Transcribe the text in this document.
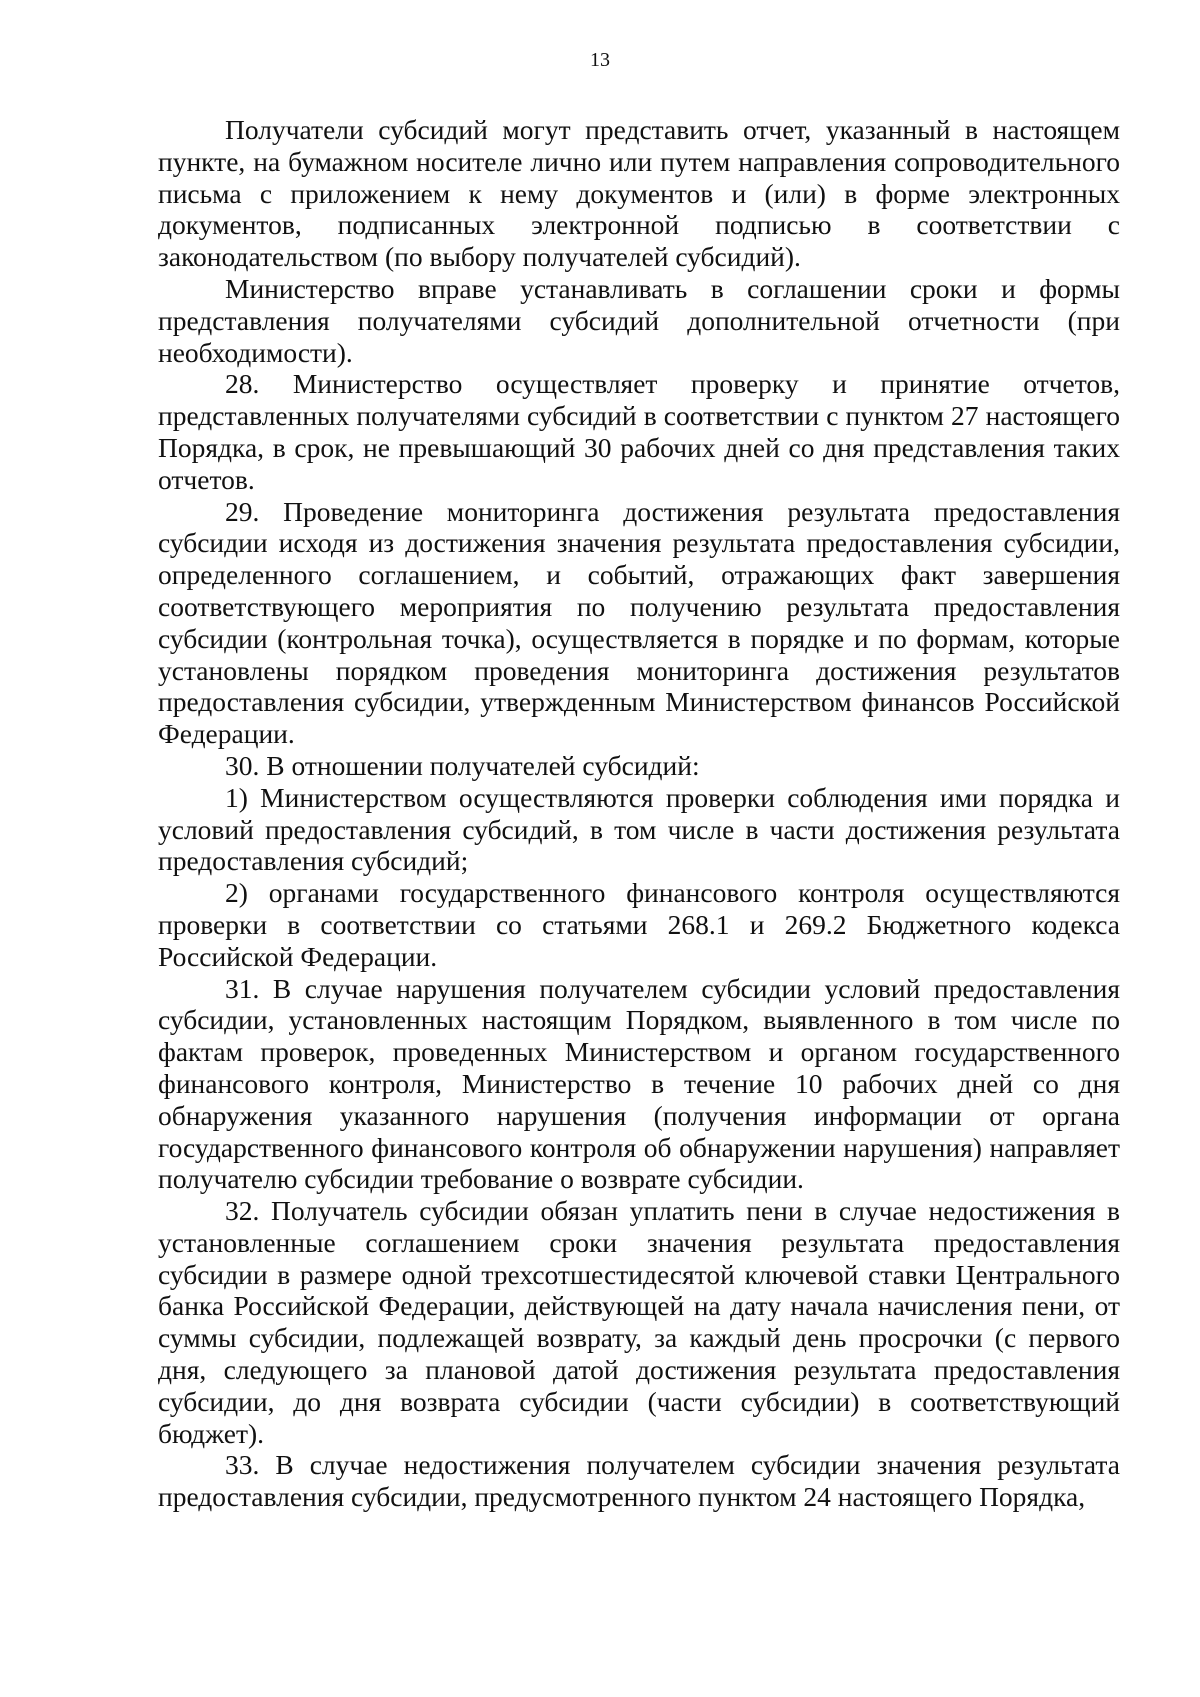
13

Получатели субсидий могут представить отчет, указанный в настоящем пункте, на бумажном носителе лично или путем направления сопроводительного письма с приложением к нему документов и (или) в форме электронных документов, подписанных электронной подписью в соответствии с законодательством (по выбору получателей субсидий).

Министерство вправе устанавливать в соглашении сроки и формы представления получателями субсидий дополнительной отчетности (при необходимости).

28. Министерство осуществляет проверку и принятие отчетов, представленных получателями субсидий в соответствии с пунктом 27 настоящего Порядка, в срок, не превышающий 30 рабочих дней со дня представления таких отчетов.

29. Проведение мониторинга достижения результата предоставления субсидии исходя из достижения значения результата предоставления субсидии, определенного соглашением, и событий, отражающих факт завершения соответствующего мероприятия по получению результата предоставления субсидии (контрольная точка), осуществляется в порядке и по формам, которые установлены порядком проведения мониторинга достижения результатов предоставления субсидии, утвержденным Министерством финансов Российской Федерации.

30. В отношении получателей субсидий:

1) Министерством осуществляются проверки соблюдения ими порядка и условий предоставления субсидий, в том числе в части достижения результата предоставления субсидий;

2) органами государственного финансового контроля осуществляются проверки в соответствии со статьями 268.1 и 269.2 Бюджетного кодекса Российской Федерации.

31. В случае нарушения получателем субсидии условий предоставления субсидии, установленных настоящим Порядком, выявленного в том числе по фактам проверок, проведенных Министерством и органом государственного финансового контроля, Министерство в течение 10 рабочих дней со дня обнаружения указанного нарушения (получения информации от органа государственного финансового контроля об обнаружении нарушения) направляет получателю субсидии требование о возврате субсидии.

32. Получатель субсидии обязан уплатить пени в случае недостижения в установленные соглашением сроки значения результата предоставления субсидии в размере одной трехсотшестидесятой ключевой ставки Центрального банка Российской Федерации, действующей на дату начала начисления пени, от суммы субсидии, подлежащей возврату, за каждый день просрочки (с первого дня, следующего за плановой датой достижения результата предоставления субсидии, до дня возврата субсидии (части субсидии) в соответствующий бюджет).

33. В случае недостижения получателем субсидии значения результата предоставления субсидии, предусмотренного пунктом 24 настоящего Порядка,
